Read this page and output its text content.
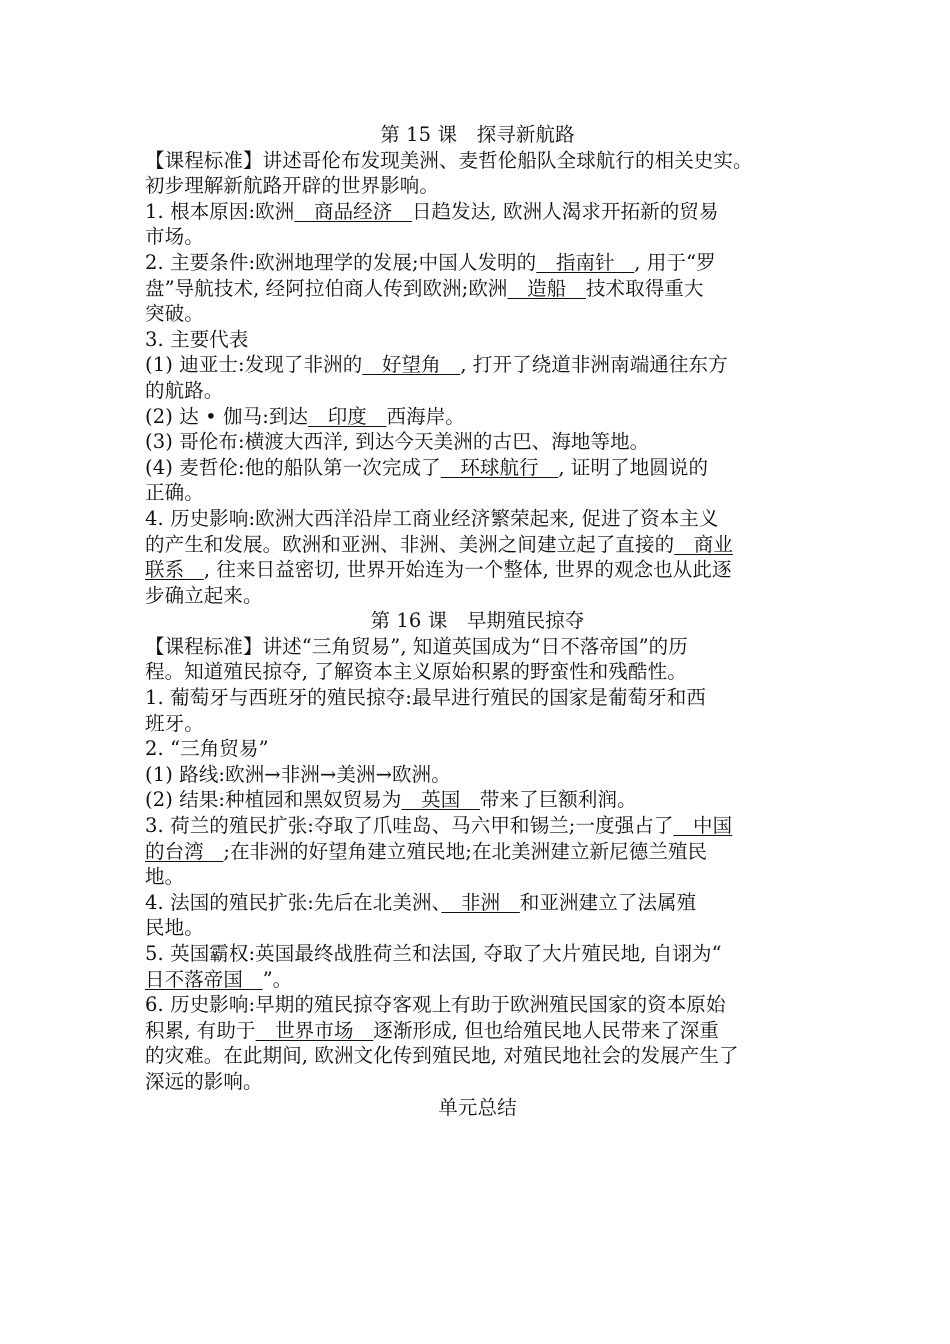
第 15 课　探寻新航路
【课程标准】讲述哥伦布发现美洲、麦哲伦船队全球航行的相关史实。
初步理解新航路开辟的世界影响。
1. 根本原因:欧洲　商品经济　日趋发达, 欧洲人渴求开拓新的贸易
市场。
2. 主要条件:欧洲地理学的发展;中国人发明的　指南针　, 用于“罗
盘”导航技术, 经阿拉伯商人传到欧洲;欧洲　造船　技术取得重大
突破。
3. 主要代表
(1) 迪亚士:发现了非洲的　好望角　, 打开了绕道非洲南端通往东方
的航路。
(2) 达 • 伽马:到达　印度　西海岸。
(3) 哥伦布:横渡大西洋, 到达今天美洲的古巴、海地等地。
(4) 麦哲伦:他的船队第一次完成了　环球航行　, 证明了地圆说的
正确。
4. 历史影响:欧洲大西洋沿岸工商业经济繁荣起来, 促进了资本主义
的产生和发展。欧洲和亚洲、非洲、美洲之间建立起了直接的　商业
联系　, 往来日益密切, 世界开始连为一个整体, 世界的观念也从此逐
步确立起来。
第 16 课　早期殖民掠夺
【课程标准】讲述“三角贸易”, 知道英国成为“日不落帝国”的历
程。知道殖民掠夺, 了解资本主义原始积累的野蛮性和残酷性。
1. 葡萄牙与西班牙的殖民掠夺:最早进行殖民的国家是葡萄牙和西
班牙。
2. “三角贸易”
(1) 路线:欧洲→非洲→美洲→欧洲。
(2) 结果:种植园和黑奴贸易为　英国　带来了巨额利润。
3. 荷兰的殖民扩张:夺取了爪哇岛、马六甲和锡兰;一度强占了　中国
的台湾　;在非洲的好望角建立殖民地;在北美洲建立新尼德兰殖民
地。
4. 法国的殖民扩张:先后在北美洲、　非洲　和亚洲建立了法属殖
民地。
5. 英国霸权:英国最终战胜荷兰和法国, 夺取了大片殖民地, 自诩为“
日不落帝国　”。
6. 历史影响:早期的殖民掠夺客观上有助于欧洲殖民国家的资本原始
积累, 有助于　世界市场　逐渐形成, 但也给殖民地人民带来了深重
的灾难。在此期间, 欧洲文化传到殖民地, 对殖民地社会的发展产生了
深远的影响。
单元总结
